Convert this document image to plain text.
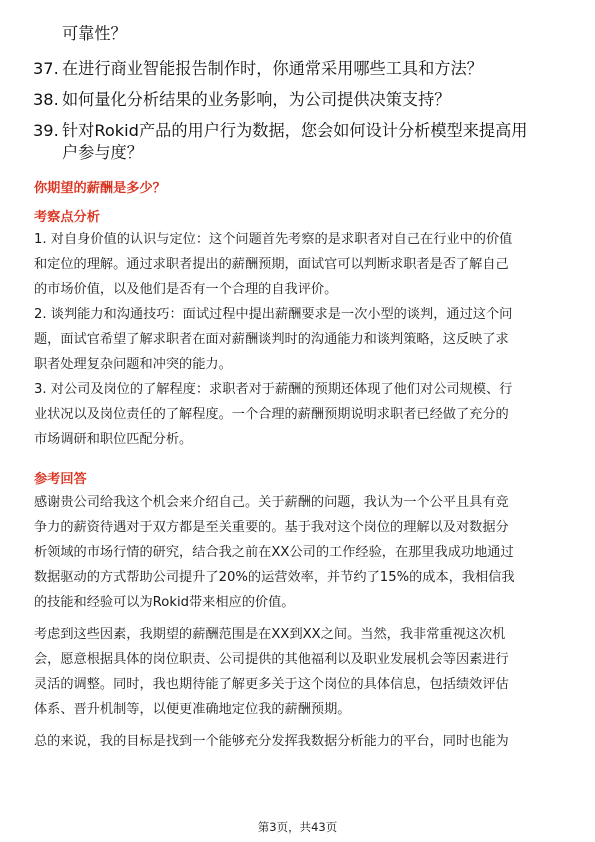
可靠性？
37. 在进行商业智能报告制作时，你通常采用哪些工具和方法？
38. 如何量化分析结果的业务影响，为公司提供决策支持？
39. 针对Rokid产品的用户行为数据，您会如何设计分析模型来提高用
户参与度？
你期望的薪酬是多少？
考察点分析
1. 对自身价值的认识与定位：这个问题首先考察的是求职者对自己在行业中的价值
和定位的理解。通过求职者提出的薪酬预期，面试官可以判断求职者是否了解自己
的市场价值，以及他们是否有一个合理的自我评价。
2. 谈判能力和沟通技巧：面试过程中提出薪酬要求是一次小型的谈判，通过这个问
题，面试官希望了解求职者在面对薪酬谈判时的沟通能力和谈判策略，这反映了求
职者处理复杂问题和冲突的能力。
3. 对公司及岗位的了解程度：求职者对于薪酬的预期还体现了他们对公司规模、行
业状况以及岗位责任的了解程度。一个合理的薪酬预期说明求职者已经做了充分的
市场调研和职位匹配分析。
参考回答
感谢贵公司给我这个机会来介绍自己。关于薪酬的问题，我认为一个公平且具有竞
争力的薪资待遇对于双方都是至关重要的。基于我对这个岗位的理解以及对数据分
析领域的市场行情的研究，结合我之前在XX公司的工作经验，在那里我成功地通过
数据驱动的方式帮助公司提升了20%的运营效率，并节约了15%的成本，我相信我
的技能和经验可以为Rokid带来相应的价值。
考虑到这些因素，我期望的薪酬范围是在XX到XX之间。当然，我非常重视这次机
会，愿意根据具体的岗位职责、公司提供的其他福利以及职业发展机会等因素进行
灵活的调整。同时，我也期待能了解更多关于这个岗位的具体信息，包括绩效评估
体系、晋升机制等，以便更准确地定位我的薪酬预期。
总的来说，我的目标是找到一个能够充分发挥我数据分析能力的平台，同时也能为
第3页，共43页
